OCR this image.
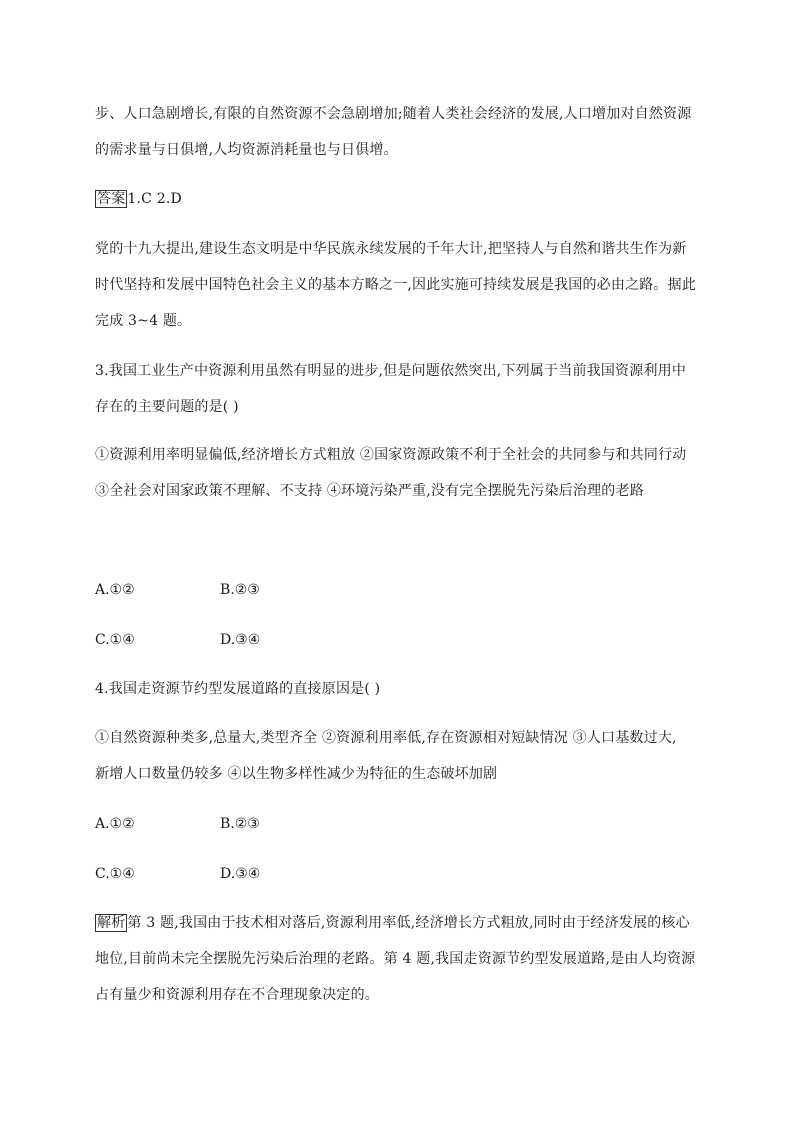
步、人口急剧增长,有限的自然资源不会急剧增加;随着人类社会经济的发展,人口增加对自然资源
的需求量与日俱增,人均资源消耗量也与日俱增。
答案 1.C 2.D
党的十九大提出,建设生态文明是中华民族永续发展的千年大计,把坚持人与自然和谐共生作为新
时代坚持和发展中国特色社会主义的基本方略之一,因此实施可持续发展是我国的必由之路。据此
完成 3~4 题。
3.我国工业生产中资源利用虽然有明显的进步,但是问题依然突出,下列属于当前我国资源利用中
存在的主要问题的是( )
①资源利用率明显偏低,经济增长方式粗放 ②国家资源政策不利于全社会的共同参与和共同行动
③全社会对国家政策不理解、不支持 ④环境污染严重,没有完全摆脱先污染后治理的老路
A.①②	B.②③
C.①④	D.③④
4.我国走资源节约型发展道路的直接原因是( )
①自然资源种类多,总量大,类型齐全 ②资源利用率低,存在资源相对短缺情况 ③人口基数过大,
新增人口数量仍较多 ④以生物多样性减少为特征的生态破坏加剧
A.①②	B.②③
C.①④	D.③④
解析 第 3 题,我国由于技术相对落后,资源利用率低,经济增长方式粗放,同时由于经济发展的核心
地位,目前尚未完全摆脱先污染后治理的老路。第 4 题,我国走资源节约型发展道路,是由人均资源
占有量少和资源利用存在不合理现象决定的。
